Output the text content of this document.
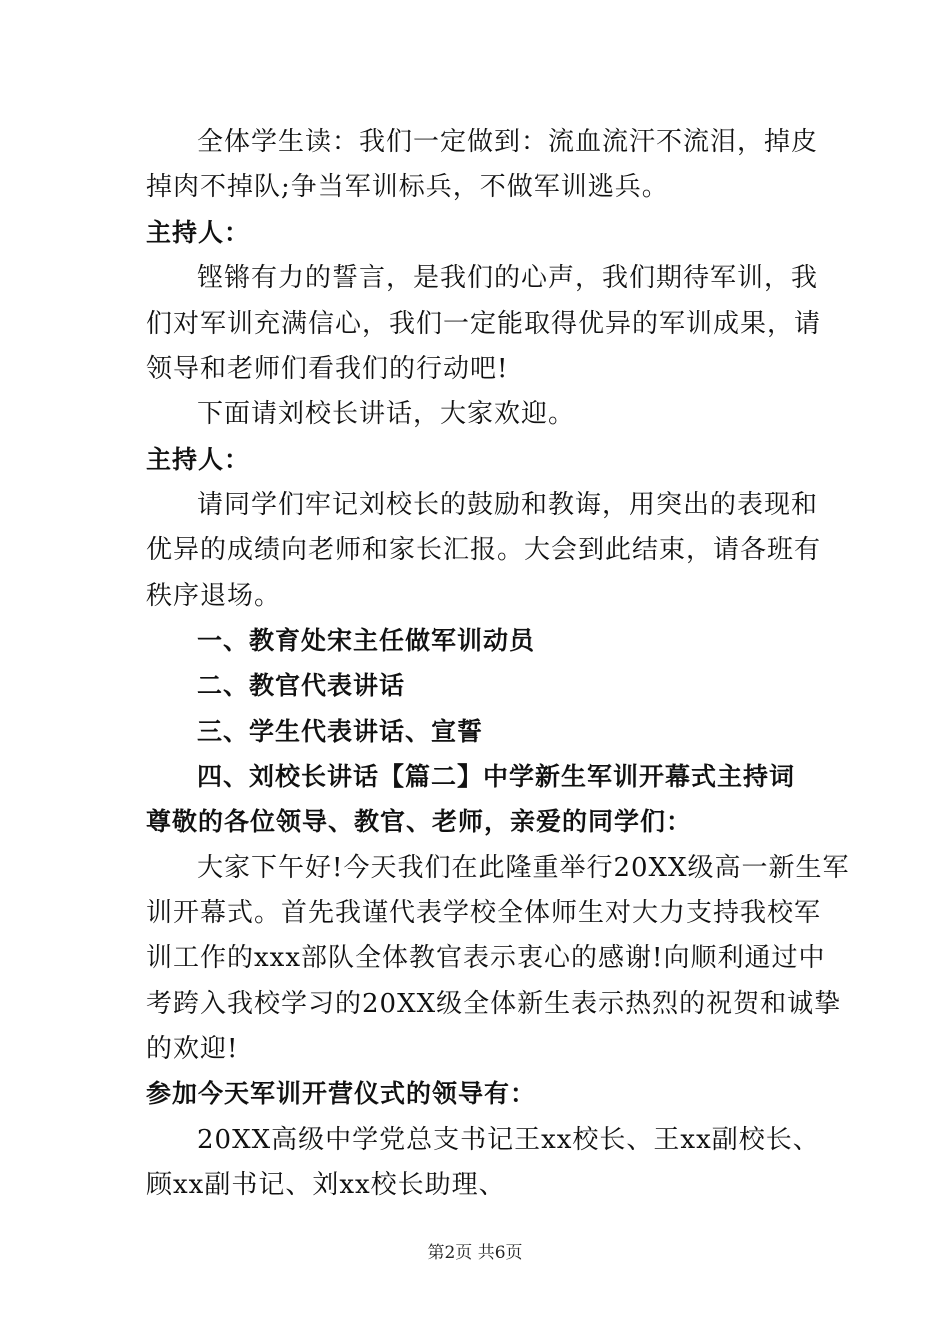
全体学生读：我们一定做到：流血流汗不流泪，掉皮
掉肉不掉队;争当军训标兵，不做军训逃兵。
主持人：
铿锵有力的誓言，是我们的心声，我们期待军训，我
们对军训充满信心，我们一定能取得优异的军训成果，请
领导和老师们看我们的行动吧!
下面请刘校长讲话，大家欢迎。
主持人：
请同学们牢记刘校长的鼓励和教诲，用突出的表现和
优异的成绩向老师和家长汇报。大会到此结束，请各班有
秩序退场。
一、教育处宋主任做军训动员
二、教官代表讲话
三、学生代表讲话、宣誓
四、刘校长讲话【篇二】中学新生军训开幕式主持词
尊敬的各位领导、教官、老师，亲爱的同学们：
大家下午好!今天我们在此隆重举行20XX级高一新生军
训开幕式。首先我谨代表学校全体师生对大力支持我校军
训工作的xxx部队全体教官表示衷心的感谢!向顺利通过中
考跨入我校学习的20XX级全体新生表示热烈的祝贺和诚挚
的欢迎!
参加今天军训开营仪式的领导有：
20XX高级中学党总支书记王xx校长、王xx副校长、
顾xx副书记、刘xx校长助理、
第2页 共6页
